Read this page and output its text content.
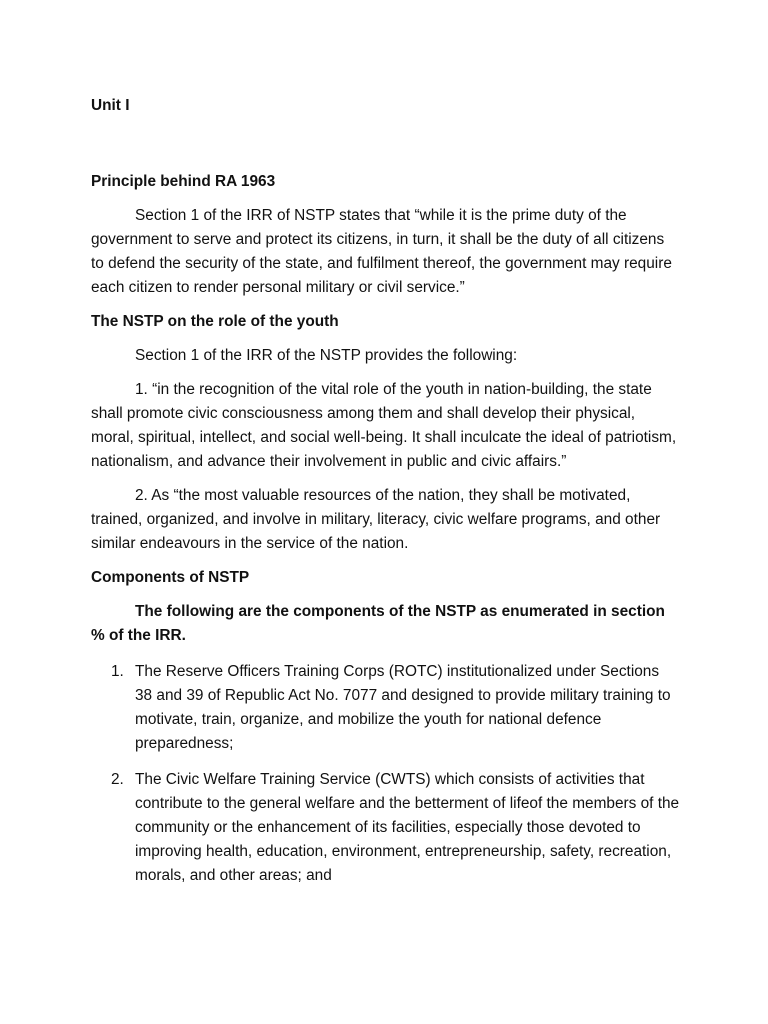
Unit I

Principle behind RA 1963

Section 1 of the IRR of NSTP states that “while it is the prime duty of the government to serve and protect its citizens, in turn, it shall be the duty of all citizens to defend the security of the state, and fulfilment thereof, the government may require each citizen to render personal military or civil service.”

The NSTP on the role of the youth

Section 1 of the IRR of the NSTP provides the following:

1. “in the recognition of the vital role of the youth in nation-building, the state shall promote civic consciousness among them and shall develop their physical, moral, spiritual, intellect, and social well-being. It shall inculcate the ideal of patriotism, nationalism, and advance their involvement in public and civic affairs.”

2. As “the most valuable resources of the nation, they shall be motivated, trained, organized, and involve in military, literacy, civic welfare programs, and other similar endeavours in the service of the nation.

Components of NSTP

The following are the components of the NSTP as enumerated in section % of the IRR.

1. The Reserve Officers Training Corps (ROTC) institutionalized under Sections 38 and 39 of Republic Act No. 7077 and designed to provide military training to motivate, train, organize, and mobilize the youth for national defence preparedness;
2. The Civic Welfare Training Service (CWTS) which consists of activities that contribute to the general welfare and the betterment of lifeof the members of the community or the enhancement of its facilities, especially those devoted to improving health, education, environment, entrepreneurship, safety, recreation, morals, and other areas; and
